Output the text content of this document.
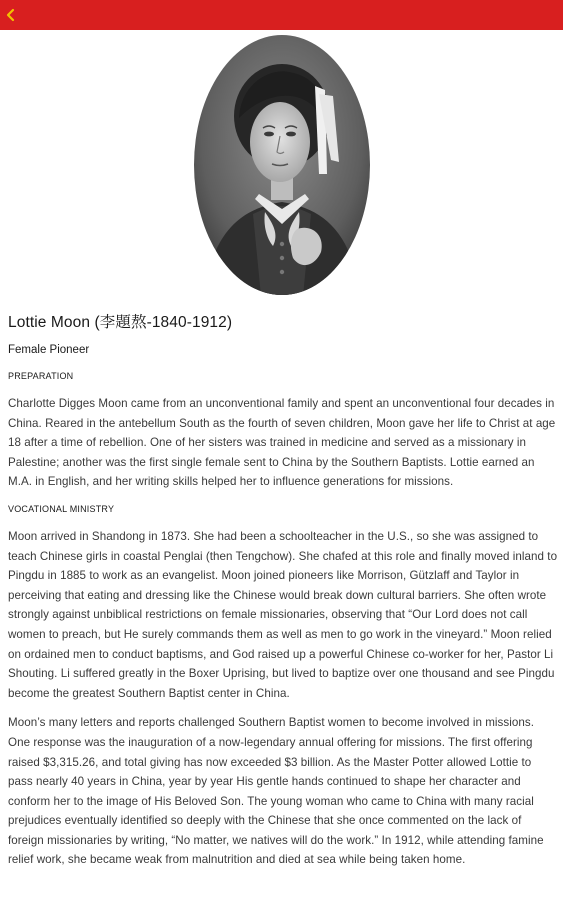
Lottie Moon (李題熬-1840-1912)
Female Pioneer
PREPARATION

Charlotte Digges Moon came from an unconventional family and spent an unconventional four decades in China. Reared in the antebellum South as the fourth of seven children, Moon gave her life to Christ at age 18 after a time of rebellion. One of her sisters was trained in medicine and served as a missionary in Palestine; another was the first single female sent to China by the Southern Baptists. Lottie earned an M.A. in English, and her writing skills helped her to influence generations for missions.

VOCATIONAL MINISTRY

Moon arrived in Shandong in 1873. She had been a schoolteacher in the U.S., so she was assigned to teach Chinese girls in coastal Penglai (then Tengchow). She chafed at this role and finally moved inland to Pingdu in 1885 to work as an evangelist. Moon joined pioneers like Morrison, Gützlaff and Taylor in perceiving that eating and dressing like the Chinese would break down cultural barriers. She often wrote strongly against unbiblical restrictions on female missionaries, observing that “Our Lord does not call women to preach, but He surely commands them as well as men to go work in the vineyard.” Moon relied on ordained men to conduct baptisms, and God raised up a powerful Chinese co-worker for her, Pastor Li Shouting. Li suffered greatly in the Boxer Uprising, but lived to baptize over one thousand and see Pingdu become the greatest Southern Baptist center in China.

Moon’s many letters and reports challenged Southern Baptist women to become involved in missions. One response was the inauguration of a now-legendary annual offering for missions. The first offering raised $3,315.26, and total giving has now exceeded $3 billion. As the Master Potter allowed Lottie to pass nearly 40 years in China, year by year His gentle hands continued to shape her character and conform her to the image of His Beloved Son. The young woman who came to China with many racial prejudices eventually identified so deeply with the Chinese that she once commented on the lack of foreign missionaries by writing, “No matter, we natives will do the work.” In 1912, while attending famine relief work, she became weak from malnutrition and died at sea while being taken home.
